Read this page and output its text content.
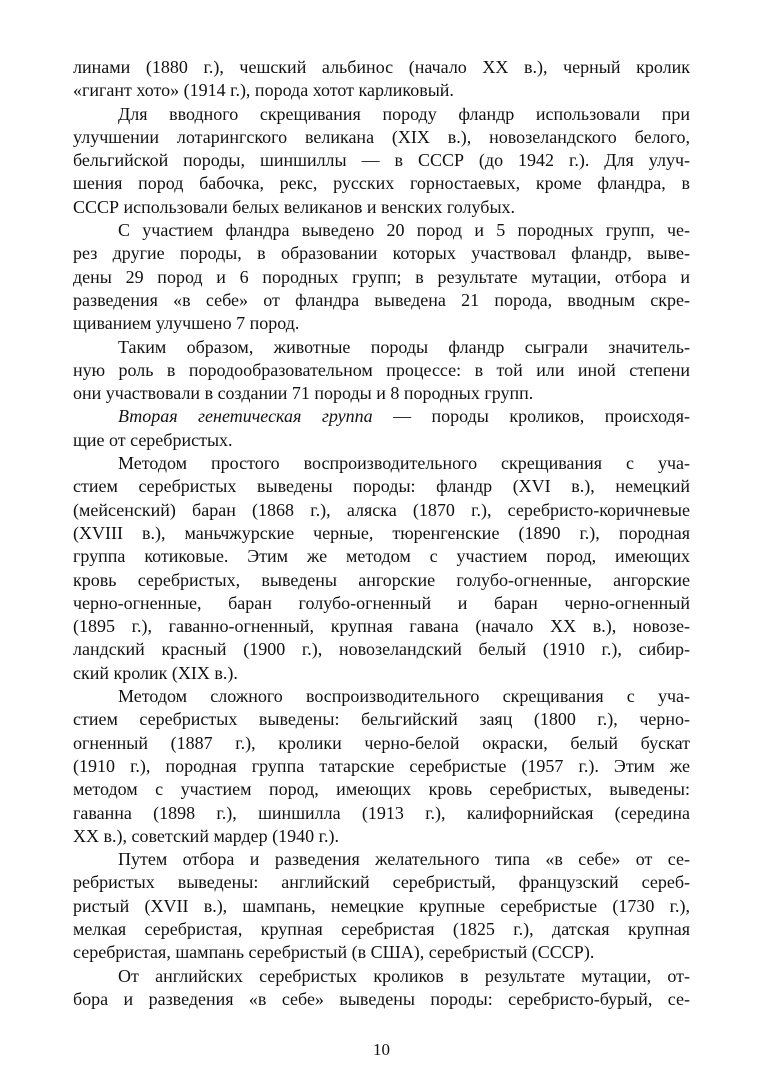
линами (1880 г.), чешский альбинос (начало XX в.), черный кролик
«гигант хото» (1914 г.), порода хотот карликовый.
Для вводного скрещивания породу фландр использовали при
улучшении лотарингского великана (XIX в.), новозеландского белого,
бельгийской породы, шиншиллы — в СССР (до 1942 г.). Для улуч-
шения пород бабочка, рекс, русских горностаевых, кроме фландра, в
СССР использовали белых великанов и венских голубых.
С участием фландра выведено 20 пород и 5 породных групп, че-
рез другие породы, в образовании которых участвовал фландр, выве-
дены 29 пород и 6 породных групп; в результате мутации, отбора и
разведения «в себе» от фландра выведена 21 порода, вводным скре-
щиванием улучшено 7 пород.
Таким образом, животные породы фландр сыграли значитель-
ную роль в породообразовательном процессе: в той или иной степени
они участвовали в создании 71 породы и 8 породных групп.
Вторая генетическая группа — породы кроликов, происходя-
щие от серебристых.
Методом простого воспроизводительного скрещивания с уча-
стием серебристых выведены породы: фландр (XVI в.), немецкий
(мейсенский) баран (1868 г.), аляска (1870 г.), серебристо-коричневые
(XVIII в.), маньчжурские черные, тюренгенские (1890 г.), породная
группа котиковые. Этим же методом с участием пород, имеющих
кровь серебристых, выведены ангорские голубо-огненные, ангорские
черно-огненные, баран голубо-огненный и баран черно-огненный
(1895 г.), гаванно-огненный, крупная гавана (начало XX в.), новозе-
ландский красный (1900 г.), новозеландский белый (1910 г.), сибир-
ский кролик (XIX в.).
Методом сложного воспроизводительного скрещивания с уча-
стием серебристых выведены: бельгийский заяц (1800 г.), черно-
огненный (1887 г.), кролики черно-белой окраски, белый бускат
(1910 г.), породная группа татарские серебристые (1957 г.). Этим же
методом с участием пород, имеющих кровь серебристых, выведены:
гаванна (1898 г.), шиншилла (1913 г.), калифорнийская (середина
XX в.), советский мардер (1940 г.).
Путем отбора и разведения желательного типа «в себе» от се-
ребристых выведены: английский серебристый, французский сереб-
ристый (XVII в.), шампань, немецкие крупные серебристые (1730 г.),
мелкая серебристая, крупная серебристая (1825 г.), датская крупная
серебристая, шампань серебристый (в США), серебристый (СССР).
От английских серебристых кроликов в результате мутации, от-
бора и разведения «в себе» выведены породы: серебристо-бурый, се-
10
